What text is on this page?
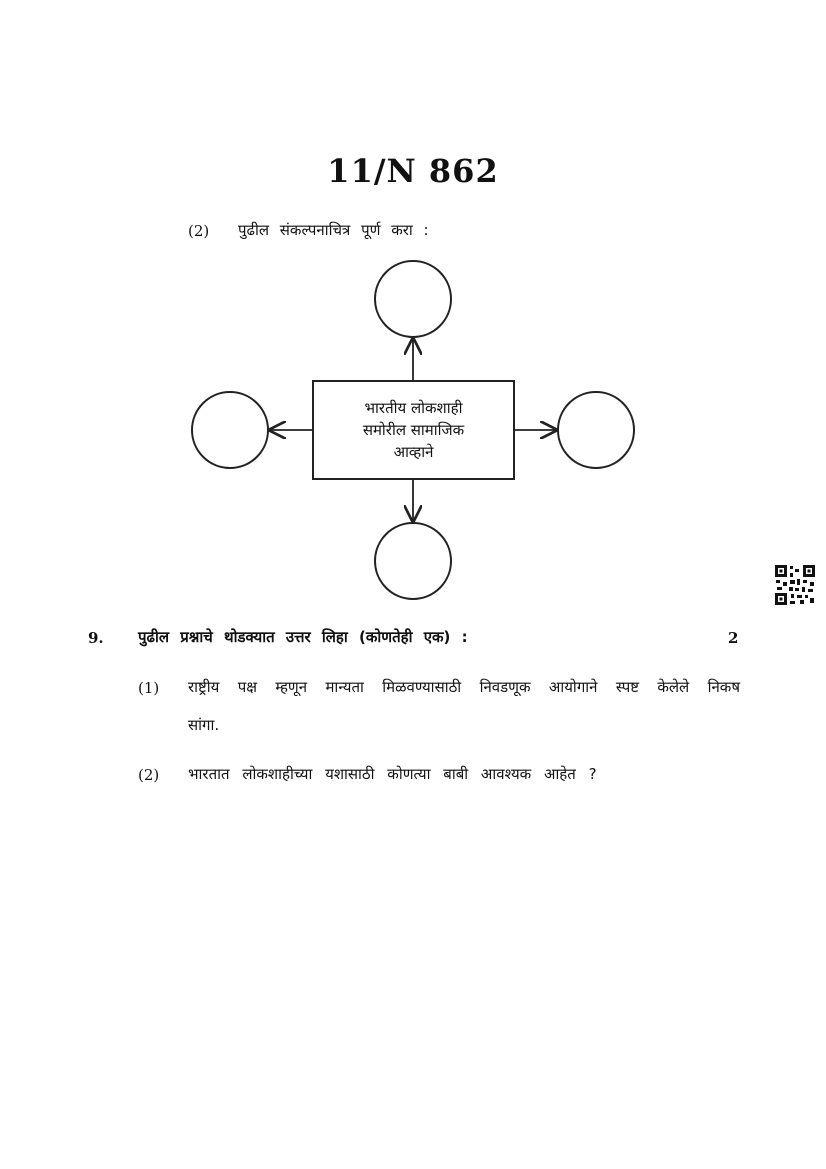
11/N 862
(2) पुढील संकल्पनाचित्र पूर्ण करा :
भारतीय लोकशाही
समोरील सामाजिक
आव्हाने
9. पुढील प्रश्नाचे थोडक्यात उत्तर लिहा (कोणतेही एक) :	2
(1) राष्ट्रीय पक्ष म्हणून मान्यता मिळवण्यासाठी निवडणूक आयोगाने स्पष्ट केलेले निकष
सांगा.
(2) भारतात लोकशाहीच्या यशासाठी कोणत्या बाबी आवश्यक आहेत ?
